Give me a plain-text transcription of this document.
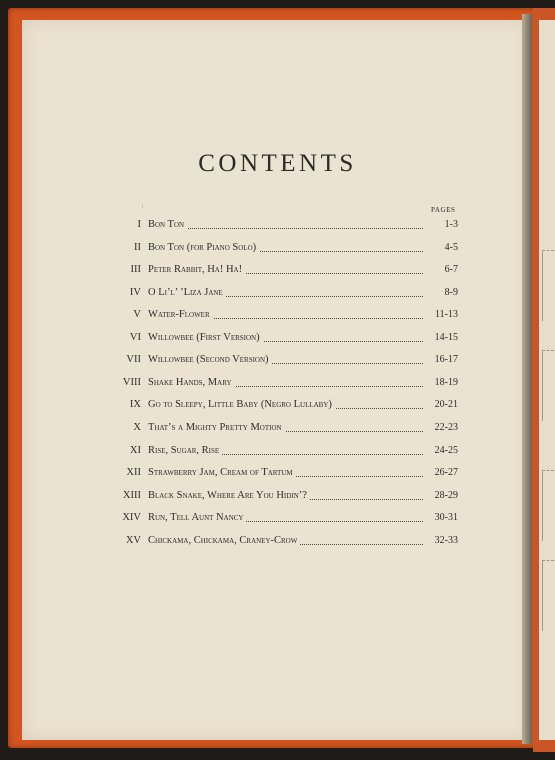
CONTENTS
ˡ	PAGES
I Bon Ton	1-3
II Bon Ton (for Piano Solo)	4-5
III Peter Rabbit, Ha! Ha!	6-7
IV O Li’l’ ’Liza Jane	8-9
V Water-Flower	11-13
VI Willowbee (First Version)	14-15
VII Willowbee (Second Version)	16-17
VIII Shake Hands, Mary	18-19
IX Go to Sleepy, Little Baby (Negro Lullaby)	20-21
X That’s a Mighty Pretty Motion	22-23
XI Rise, Sugar, Rise	24-25
XII Strawberry Jam, Cream of Tartum	26-27
XIII Black Snake, Where Are You Hidin’?	28-29
XIV Run, Tell Aunt Nancy	30-31
XV Chickama, Chickama, Craney-Crow	32-33
